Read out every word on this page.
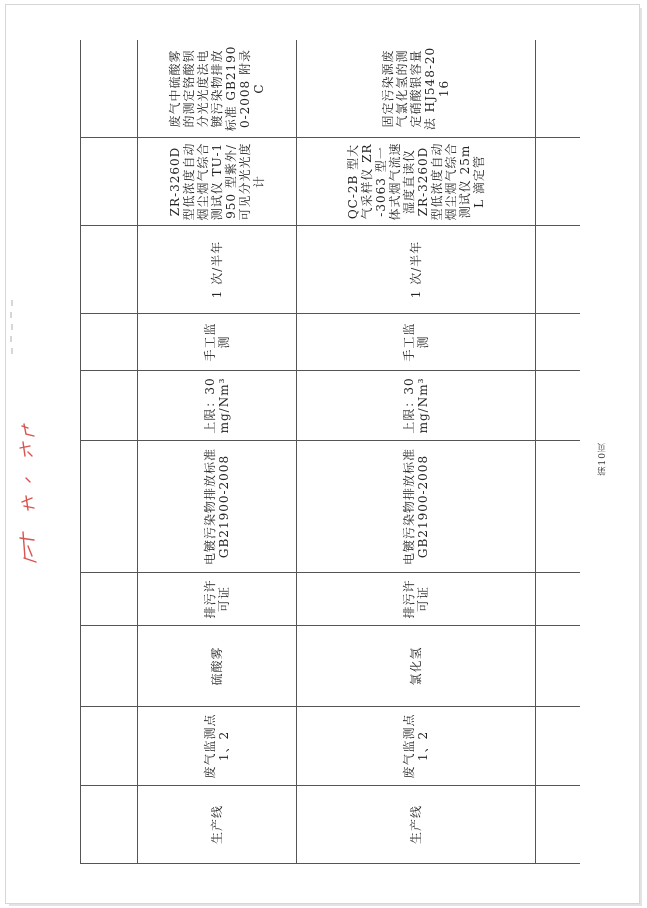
生产线	废气监测点 1、2	硫酸雾	排污许可证	电镀污染物排放标准 GB21900-2008	上限：30mg/Nm³	手工监测	1 次/半年	ZR-3260D 型低浓度自动烟尘烟气综合测试仪 TU-1950 型紫外/可见分光光度计	废气中硫酸雾的测定铬酸钡分光光度法电镀污染物排放标准 GB21900-2008 附录 C
生产线	废气监测点 1、2	氯化氢	排污许可证	电镀污染物排放标准 GB21900-2008	上限：30mg/Nm³	手工监测	1 次/半年	QC-2B 型大气采样仪 ZR-3063 型一体式烟气流速湿度直读仪 ZR-3260D 型低浓度自动烟尘烟气综合测试仪 25mL 滴定管	固定污染源废气氯化氢的测定硝酸银容量法 HJ548-2016

第10页
